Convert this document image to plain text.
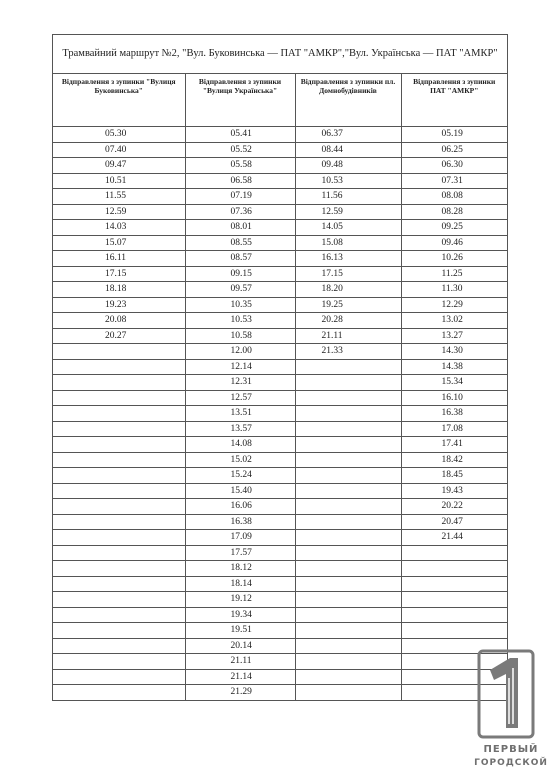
Трамвайний маршрут №2, "Вул. Буковинська — ПАТ "АМКР","Вул. Українська — ПАТ "АМКР"
Відправлення з зупинки "Вулиця Буковинська"	Відправлення з зупинки "Вулиця Українська"	Відправлення з зупинки пл. Домнобудівників	Відправлення з зупинки ПАТ "АМКР"

05.30	05.41	06.37	05.19
07.40	05.52	08.44	06.25
09.47	05.58	09.48	06.30
10.51	06.58	10.53	07.31
11.55	07.19	11.56	08.08
12.59	07.36	12.59	08.28
14.03	08.01	14.05	09.25
15.07	08.55	15.08	09.46
16.11	08.57	16.13	10.26
17.15	09.15	17.15	11.25
18.18	09.57	18.20	11.30
19.23	10.35	19.25	12.29
20.08	10.53	20.28	13.02
20.27	10.58	21.11	13.27
	12.00	21.33	14.30
	12.14		14.38
	12.31		15.34
	12.57		16.10
	13.51		16.38
	13.57		17.08
	14.08		17.41
	15.02		18.42
	15.24		18.45
	15.40		19.43
	16.06		20.22
	16.38		20.47
	17.09		21.44
	17.57		
	18.12		
	18.14		
	19.12		
	19.34		
	19.51		
	20.14		
	21.11		
	21.14		
	21.29		
ПЕРВЫЙ
ГОРОДСКОЙ
